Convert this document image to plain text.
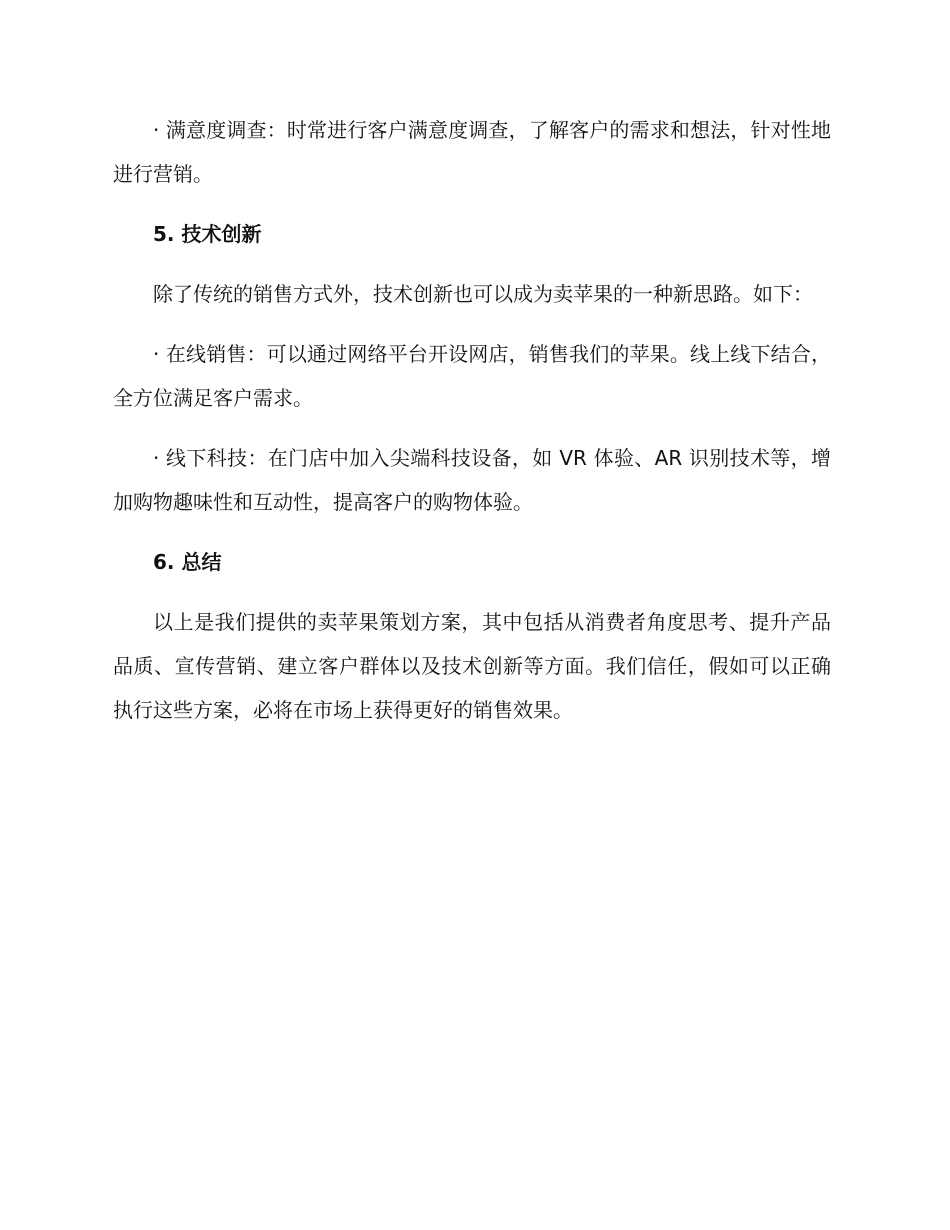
· 满意度调查：时常进行客户满意度调查，了解客户的需求和想法，针对性地进行营销。

5. 技术创新

除了传统的销售方式外，技术创新也可以成为卖苹果的一种新思路。如下：

· 在线销售：可以通过网络平台开设网店，销售我们的苹果。线上线下结合，全方位满足客户需求。

· 线下科技：在门店中加入尖端科技设备，如 VR 体验、AR 识别技术等，增加购物趣味性和互动性，提高客户的购物体验。

6. 总结

以上是我们提供的卖苹果策划方案，其中包括从消费者角度思考、提升产品品质、宣传营销、建立客户群体以及技术创新等方面。我们信任，假如可以正确执行这些方案，必将在市场上获得更好的销售效果。
